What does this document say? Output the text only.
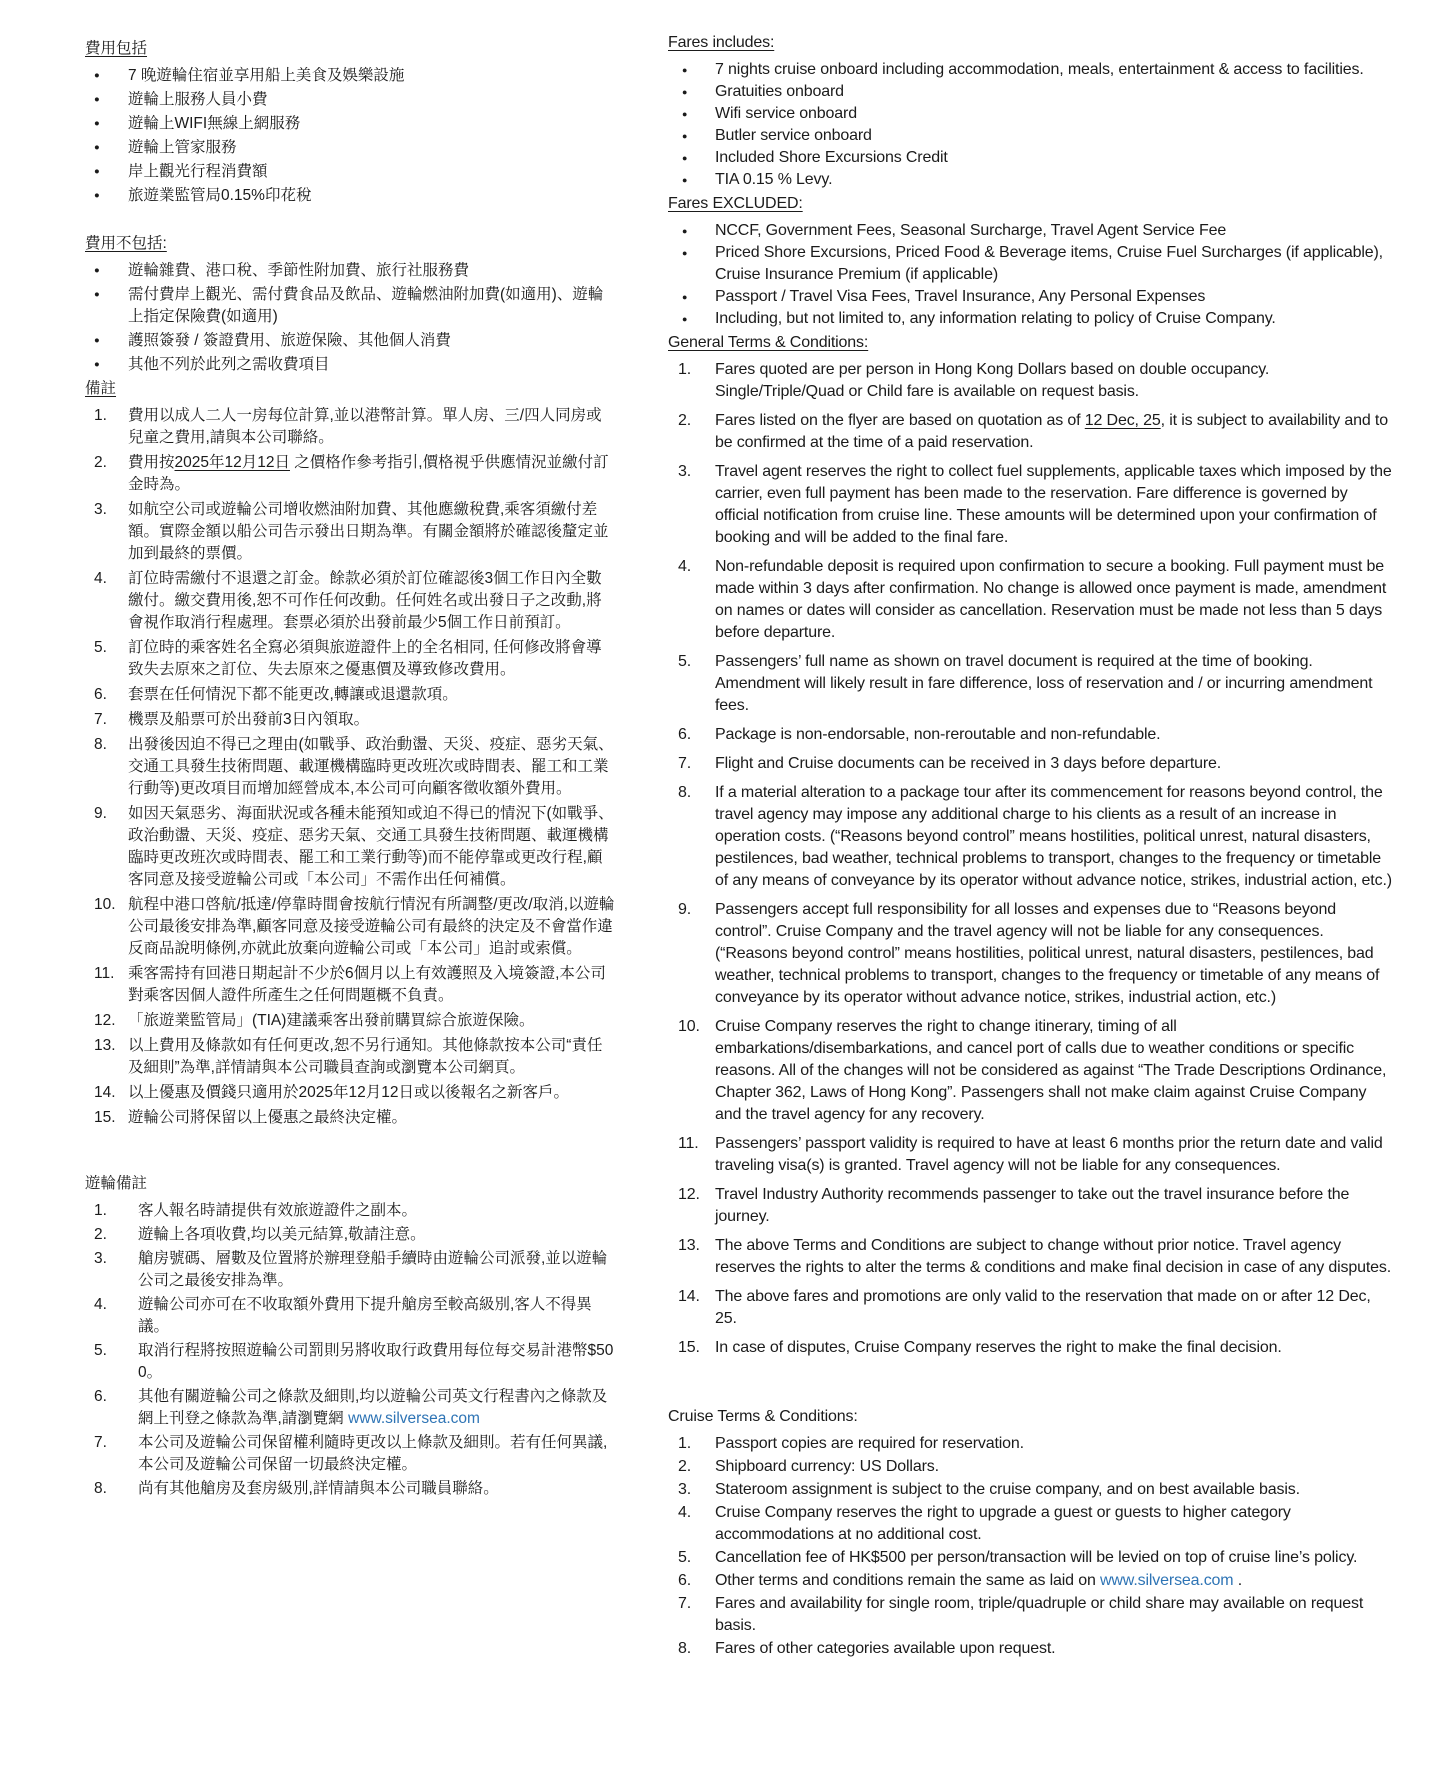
費用包括
● 7 晚遊輪住宿並享用船上美食及娛樂設施
● 遊輪上服務人員小費
● 遊輪上WIFI無線上網服務
● 遊輪上管家服務
● 岸上觀光行程消費額
● 旅遊業監管局0.15%印花稅
費用不包括:
● 遊輪雜費、港口稅、季節性附加費、旅行社服務費
● 需付費岸上觀光、需付費食品及飲品、遊輪燃油附加費(如適用)、遊輪上指定保險費(如適用)
● 護照簽發 / 簽證費用、旅遊保險、其他個人消費
● 其他不列於此列之需收費項目
備註
1. 費用以成人二人一房每位計算,並以港幣計算。單人房、三/四人同房或兒童之費用,請與本公司聯絡。
2. 費用按2025年12月12日 之價格作參考指引,價格視乎供應情況並繳付訂金時為。
3. 如航空公司或遊輪公司增收燃油附加費、其他應繳稅費,乘客須繳付差額。實際金額以船公司告示發出日期為準。有關金額將於確認後釐定並加到最終的票價。
4. 訂位時需繳付不退還之訂金。餘款必須於訂位確認後3個工作日內全數繳付。繳交費用後,恕不可作任何改動。任何姓名或出發日子之改動,將會視作取消行程處理。套票必須於出發前最少5個工作日前預訂。
5. 訂位時的乘客姓名全寫必須與旅遊證件上的全名相同, 任何修改將會導致失去原來之訂位、失去原來之優惠價及導致修改費用。
6. 套票在任何情況下都不能更改,轉讓或退還款項。
7. 機票及船票可於出發前3日內領取。
8. 出發後因迫不得已之理由(如戰爭、政治動盪、天災、疫症、惡劣天氣、交通工具發生技術問題、載運機構臨時更改班次或時間表、罷工和工業行動等)更改項目而增加經營成本,本公司可向顧客徵收額外費用。
9. 如因天氣惡劣、海面狀況或各種未能預知或迫不得已的情況下(如戰爭、政治動盪、天災、疫症、惡劣天氣、交通工具發生技術問題、載運機構臨時更改班次或時間表、罷工和工業行動等)而不能停靠或更改行程,顧客同意及接受遊輪公司或「本公司」不需作出任何補償。
10. 航程中港口啓航/抵達/停靠時間會按航行情況有所調整/更改/取消,以遊輪公司最後安排為準,顧客同意及接受遊輪公司有最終的決定及不會當作違反商品說明條例,亦就此放棄向遊輪公司或「本公司」追討或索償。
11. 乘客需持有回港日期起計不少於6個月以上有效護照及入境簽證,本公司對乘客因個人證件所產生之任何問題概不負責。
12. 「旅遊業監管局」(TIA)建議乘客出發前購買綜合旅遊保險。
13. 以上費用及條款如有任何更改,恕不另行通知。其他條款按本公司“責任及細則”為準,詳情請與本公司職員查詢或瀏覽本公司網頁。
14. 以上優惠及價錢只適用於2025年12月12日或以後報名之新客戶。
15. 遊輪公司將保留以上優惠之最終決定權。
遊輪備註
1. 客人報名時請提供有效旅遊證件之副本。
2. 遊輪上各項收費,均以美元結算,敬請注意。
3. 艙房號碼、層數及位置將於辦理登船手續時由遊輪公司派發,並以遊輪公司之最後安排為準。
4. 遊輪公司亦可在不收取額外費用下提升艙房至較高級別,客人不得異議。
5. 取消行程將按照遊輪公司罰則另將收取行政費用每位每交易計港幣$500。
6. 其他有關遊輪公司之條款及細則,均以遊輪公司英文行程書內之條款及網上刊登之條款為準,請瀏覽網 www.silversea.com
7. 本公司及遊輪公司保留權利隨時更改以上條款及細則。若有任何異議,本公司及遊輪公司保留一切最終決定權。
8. 尚有其他艙房及套房級別,詳情請與本公司職員聯絡。
Fares includes:
● 7 nights cruise onboard including accommodation, meals, entertainment & access to facilities.
● Gratuities onboard
● Wifi service onboard
● Butler service onboard
● Included Shore Excursions Credit
● TIA 0.15 % Levy.
Fares EXCLUDED:
● NCCF, Government Fees, Seasonal Surcharge, Travel Agent Service Fee
● Priced Shore Excursions, Priced Food & Beverage items, Cruise Fuel Surcharges (if applicable), Cruise Insurance Premium (if applicable)
● Passport / Travel Visa Fees, Travel Insurance, Any Personal Expenses
● Including, but not limited to, any information relating to policy of Cruise Company.
General Terms & Conditions:
1. Fares quoted are per person in Hong Kong Dollars based on double occupancy. Single/Triple/Quad or Child fare is available on request basis.
2. Fares listed on the flyer are based on quotation as of 12 Dec, 25, it is subject to availability and to be confirmed at the time of a paid reservation.
3. Travel agent reserves the right to collect fuel supplements, applicable taxes which imposed by the carrier, even full payment has been made to the reservation. Fare difference is governed by official notification from cruise line. These amounts will be determined upon your confirmation of booking and will be added to the final fare.
4. Non-refundable deposit is required upon confirmation to secure a booking. Full payment must be made within 3 days after confirmation. No change is allowed once payment is made, amendment on names or dates will consider as cancellation. Reservation must be made not less than 5 days before departure.
5. Passengers’ full name as shown on travel document is required at the time of booking. Amendment will likely result in fare difference, loss of reservation and / or incurring amendment fees.
6. Package is non-endorsable, non-reroutable and non-refundable.
7. Flight and Cruise documents can be received in 3 days before departure.
8. If a material alteration to a package tour after its commencement for reasons beyond control, the travel agency may impose any additional charge to his clients as a result of an increase in operation costs. (“Reasons beyond control” means hostilities, political unrest, natural disasters, pestilences, bad weather, technical problems to transport, changes to the frequency or timetable of any means of conveyance by its operator without advance notice, strikes, industrial action, etc.)
9. Passengers accept full responsibility for all losses and expenses due to “Reasons beyond control”. Cruise Company and the travel agency will not be liable for any consequences. (“Reasons beyond control” means hostilities, political unrest, natural disasters, pestilences, bad weather, technical problems to transport, changes to the frequency or timetable of any means of conveyance by its operator without advance notice, strikes, industrial action, etc.)
10. Cruise Company reserves the right to change itinerary, timing of all embarkations/disembarkations, and cancel port of calls due to weather conditions or specific reasons. All of the changes will not be considered as against “The Trade Descriptions Ordinance, Chapter 362, Laws of Hong Kong”. Passengers shall not make claim against Cruise Company and the travel agency for any recovery.
11. Passengers’ passport validity is required to have at least 6 months prior the return date and valid traveling visa(s) is granted. Travel agency will not be liable for any consequences.
12. Travel Industry Authority recommends passenger to take out the travel insurance before the journey.
13. The above Terms and Conditions are subject to change without prior notice. Travel agency reserves the rights to alter the terms & conditions and make final decision in case of any disputes.
14. The above fares and promotions are only valid to the reservation that made on or after 12 Dec, 25.
15. In case of disputes, Cruise Company reserves the right to make the final decision.
Cruise Terms & Conditions:
1. Passport copies are required for reservation.
2. Shipboard currency: US Dollars.
3. Stateroom assignment is subject to the cruise company, and on best available basis.
4. Cruise Company reserves the right to upgrade a guest or guests to higher category accommodations at no additional cost.
5. Cancellation fee of HK$500 per person/transaction will be levied on top of cruise line’s policy.
6. Other terms and conditions remain the same as laid on www.silversea.com .
7. Fares and availability for single room, triple/quadruple or child share may available on request basis.
8. Fares of other categories available upon request.
